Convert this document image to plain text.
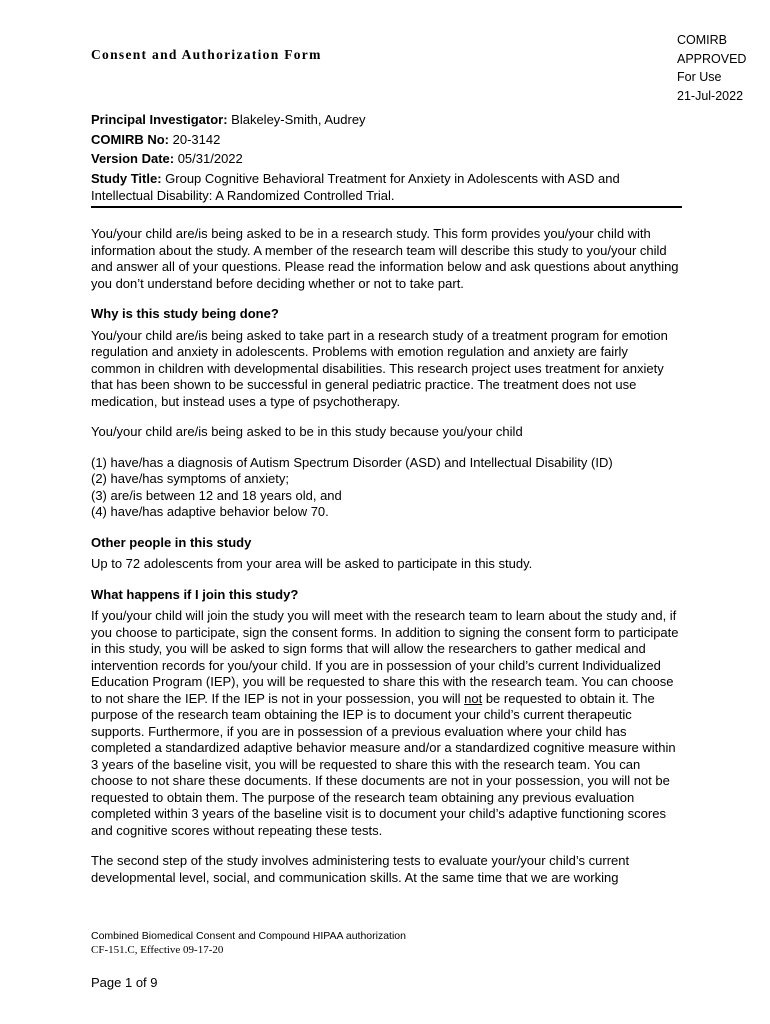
COMIRB
APPROVED
For Use
21-Jul-2022
Consent and Authorization Form
Principal Investigator: Blakeley-Smith, Audrey
COMIRB No: 20-3142
Version Date: 05/31/2022
Study Title: Group Cognitive Behavioral Treatment for Anxiety in Adolescents with ASD and Intellectual Disability: A Randomized Controlled Trial.

You/your child are/is being asked to be in a research study. This form provides you/your child with information about the study. A member of the research team will describe this study to you/your child and answer all of your questions. Please read the information below and ask questions about anything you don’t understand before deciding whether or not to take part.

Why is this study being done?

You/your child are/is being asked to take part in a research study of a treatment program for emotion regulation and anxiety in adolescents. Problems with emotion regulation and anxiety are fairly common in children with developmental disabilities. This research project uses treatment for anxiety that has been shown to be successful in general pediatric practice. The treatment does not use medication, but instead uses a type of psychotherapy.

You/your child are/is being asked to be in this study because you/your child

(1) have/has a diagnosis of Autism Spectrum Disorder (ASD) and Intellectual Disability (ID)
(2) have/has symptoms of anxiety;
(3) are/is between 12 and 18 years old, and
(4) have/has adaptive behavior below 70.
Other people in this study

Up to 72 adolescents from your area will be asked to participate in this study.

What happens if I join this study?

If you/your child will join the study you will meet with the research team to learn about the study and, if you choose to participate, sign the consent forms. In addition to signing the consent form to participate in this study, you will be asked to sign forms that will allow the researchers to gather medical and intervention records for you/your child. If you are in possession of your child’s current Individualized Education Program (IEP), you will be requested to share this with the research team. You can choose to not share the IEP. If the IEP is not in your possession, you will not be requested to obtain it. The purpose of the research team obtaining the IEP is to document your child’s current therapeutic supports. Furthermore, if you are in possession of a previous evaluation where your child has completed a standardized adaptive behavior measure and/or a standardized cognitive measure within 3 years of the baseline visit, you will be requested to share this with the research team. You can choose to not share these documents. If these documents are not in your possession, you will not be requested to obtain them. The purpose of the research team obtaining any previous evaluation completed within 3 years of the baseline visit is to document your child’s adaptive functioning scores and cognitive scores without repeating these tests.

The second step of the study involves administering tests to evaluate your/your child’s current developmental level, social, and communication skills. At the same time that we are working

Combined Biomedical Consent and Compound HIPAA authorization
CF-151.C, Effective 09-17-20
Page 1 of 9
